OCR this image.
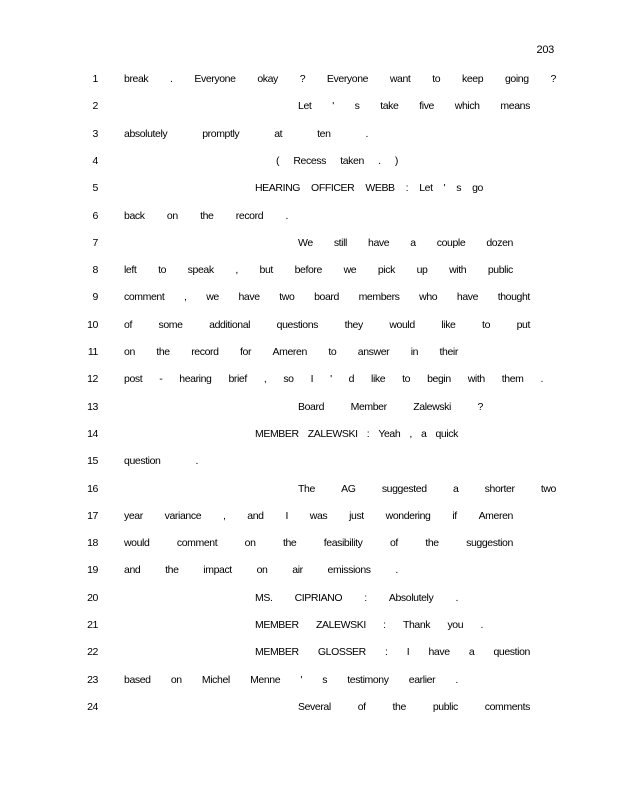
203
1 break . Everyone okay ? Everyone want to keep going ?
2	Let ' s take five which means
3 absolutely	promptly	at	ten	.
4	( Recess taken . )
5	HEARING OFFICER WEBB : Let ' s go
6 back on the record .
7	We still have a couple dozen
8 left to speak , but before we pick up with public
9 comment , we have two board members who have thought
10 of	some	additional	questions	they	would	like	to	put
11 on the record for Ameren to answer in their
12 post - hearing brief , so I ' d like to begin with them .
13	Board	Member	Zalewski	?
14	MEMBER ZALEWSKI : Yeah , a quick
15 question	.
16	The	AG	suggested	a	shorter	two
17 year variance , and I was just wondering if Ameren
18 would	comment	on	the	feasibility	of	the	suggestion
19 and the impact on air emissions .
20	MS. CIPRIANO : Absolutely .
21	MEMBER ZALEWSKI : Thank you .
22	MEMBER GLOSSER : I have a question
23 based on Michel Menne ' s testimony earlier .
24	Several	of	the	public	comments
